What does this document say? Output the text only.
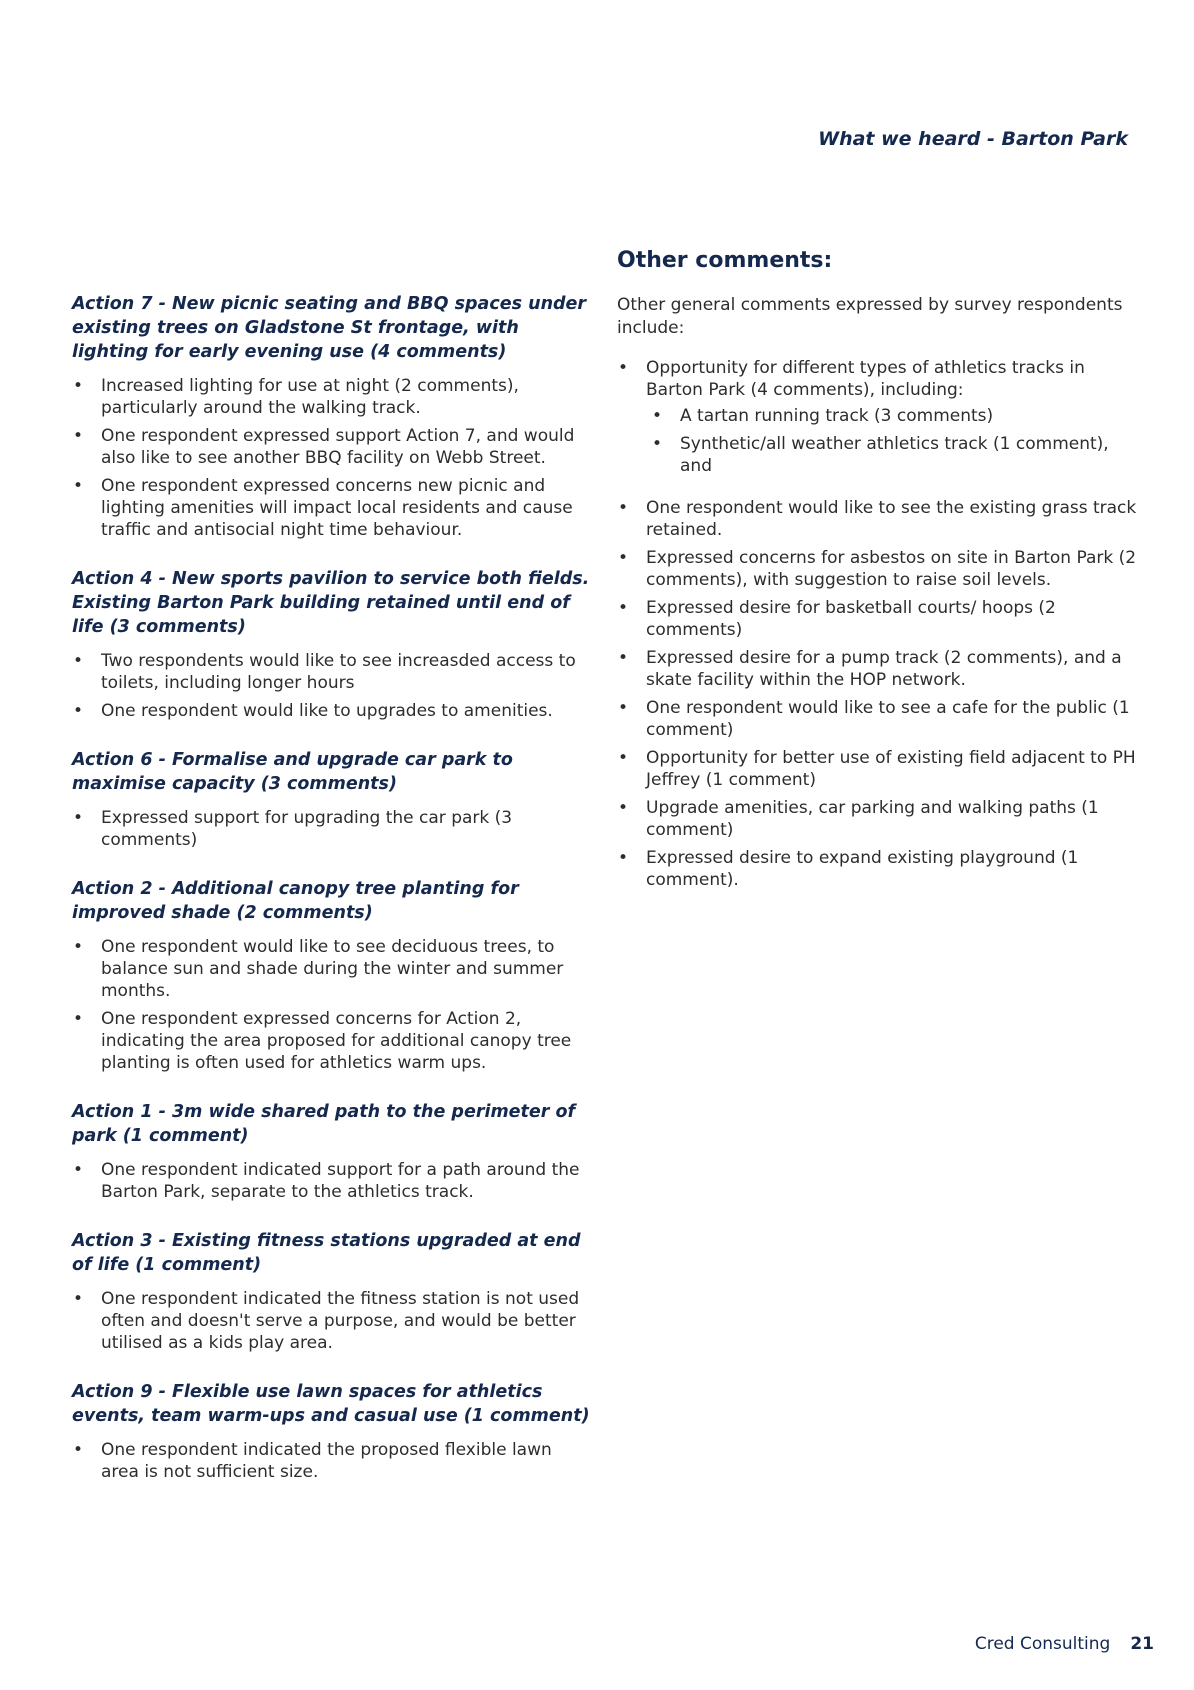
What we heard - Barton Park

Action 7 - New picnic seating and BBQ spaces under existing trees on Gladstone St frontage, with lighting for early evening use (4 comments)

• Increased lighting for use at night (2 comments), particularly around the walking track.
• One respondent expressed support Action 7, and would also like to see another BBQ facility on Webb Street.
• One respondent expressed concerns new picnic and lighting amenities will impact local residents and cause traffic and antisocial night time behaviour.

Action 4 - New sports pavilion to service both fields. Existing Barton Park building retained until end of life (3 comments)

• Two respondents would like to see increasded access to toilets, including longer hours
• One respondent would like to upgrades to amenities.

Action 6 - Formalise and upgrade car park to maximise capacity (3 comments)

• Expressed support for upgrading the car park (3 comments)

Action 2 - Additional canopy tree planting for improved shade (2 comments)

• One respondent would like to see deciduous trees, to balance sun and shade during the winter and summer months.
• One respondent expressed concerns for Action 2, indicating the area proposed for additional canopy tree planting is often used for athletics warm ups.

Action 1 - 3m wide shared path to the perimeter of park (1 comment)

• One respondent indicated support for a path around the Barton Park, separate to the athletics track.

Action 3 - Existing fitness stations upgraded at end of life (1 comment)

• One respondent indicated the fitness station is not used often and doesn't serve a purpose, and would be better utilised as a kids play area.

Action 9 - Flexible use lawn spaces for athletics events, team warm-ups and casual use (1 comment)

• One respondent indicated the proposed flexible lawn area is not sufficient size.
Other comments:

Other general comments expressed by survey respondents include:

• Opportunity for different types of athletics tracks in Barton Park (4 comments), including:
• A tartan running track (3 comments)
• Synthetic/all weather athletics track (1 comment), and
• One respondent would like to see the existing grass track retained.
• Expressed concerns for asbestos on site in Barton Park (2 comments), with suggestion to raise soil levels.
• Expressed desire for basketball courts/ hoops (2 comments)
• Expressed desire for a pump track (2 comments), and a skate facility within the HOP network.
• One respondent would like to see a cafe for the public (1 comment)
• Opportunity for better use of existing field adjacent to PH Jeffrey (1 comment)
• Upgrade amenities, car parking and walking paths (1 comment)
• Expressed desire to expand existing playground (1 comment).
Cred Consulting 21
